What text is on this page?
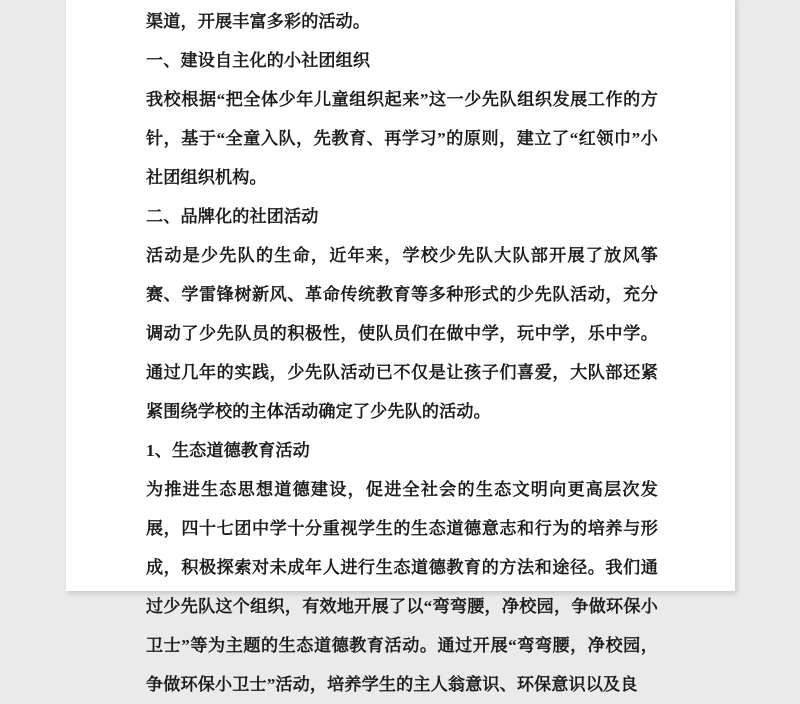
渠道，开展丰富多彩的活动。

一、建设自主化的小社团组织

我校根据“把全体少年儿童组织起来”这一少先队组织发展工作的方针，基于“全童入队，先教育、再学习”的原则，建立了“红领巾”小社团组织机构。

二、品牌化的社团活动

活动是少先队的生命，近年来，学校少先队大队部开展了放风筝赛、学雷锋树新风、革命传统教育等多种形式的少先队活动，充分调动了少先队员的积极性，使队员们在做中学，玩中学，乐中学。通过几年的实践，少先队活动已不仅是让孩子们喜爱，大队部还紧紧围绕学校的主体活动确定了少先队的活动。

1、生态道德教育活动

为推进生态思想道德建设，促进全社会的生态文明向更高层次发展，四十七团中学十分重视学生的生态道德意志和行为的培养与形成，积极探索对未成年人进行生态道德教育的方法和途径。我们通过少先队这个组织，有效地开展了以“弯弯腰，净校园，争做环保小卫士”等为主题的生态道德教育活动。通过开展“弯弯腰，净校园，争做环保小卫士”活动，培养学生的主人翁意识、环保意识以及良
